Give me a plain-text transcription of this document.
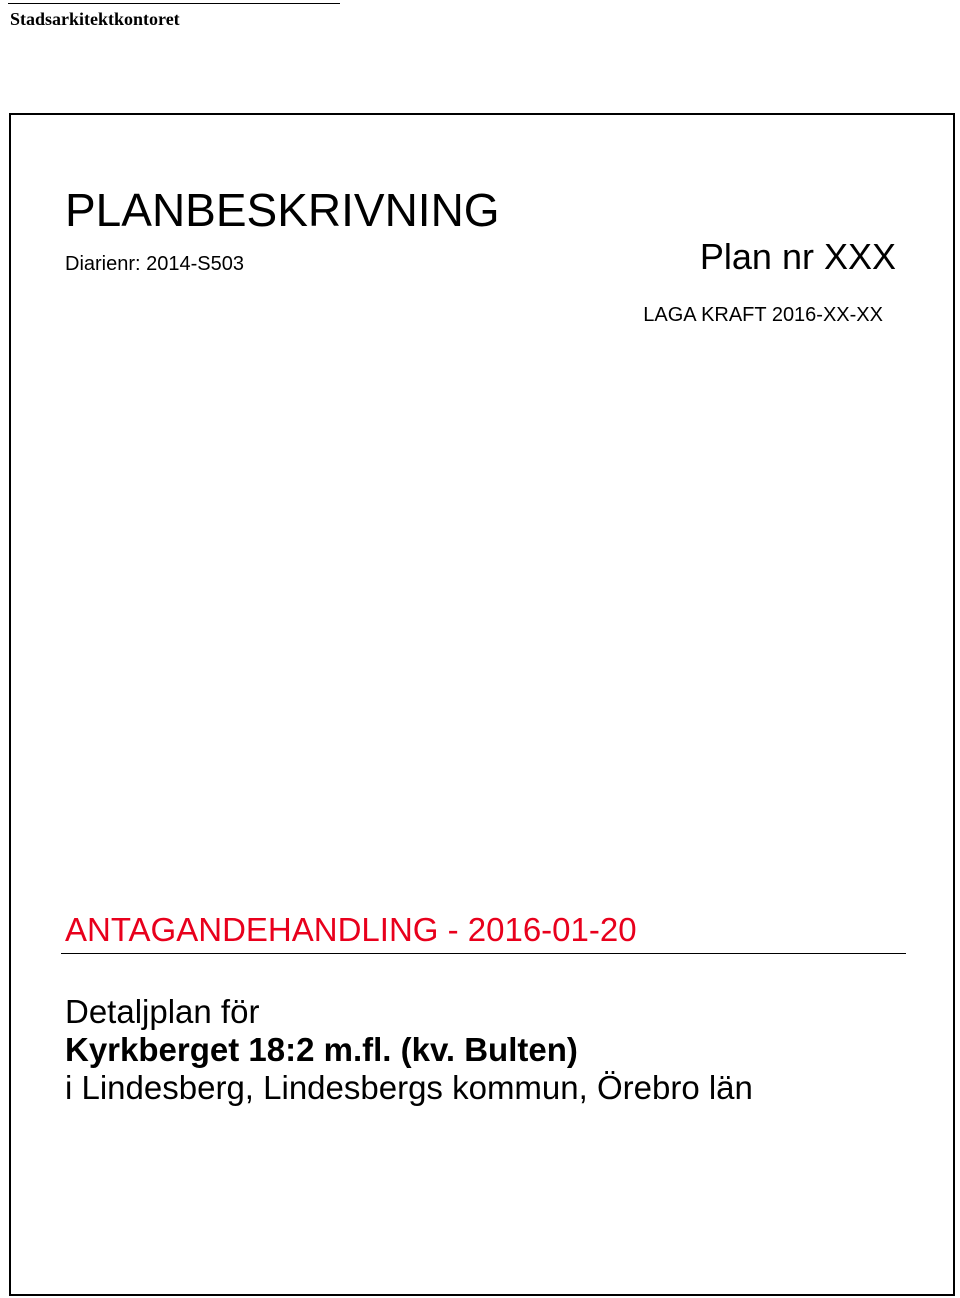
Stadsarkitektkontoret
PLANBESKRIVNING
Diarienr: 2014-S503	Plan nr XXX
LAGA KRAFT 2016-XX-XX
ANTAGANDEHANDLING - 2016-01-20
Detaljplan för
Kyrkberget 18:2 m.fl. (kv. Bulten)
i Lindesberg, Lindesbergs kommun, Örebro län
